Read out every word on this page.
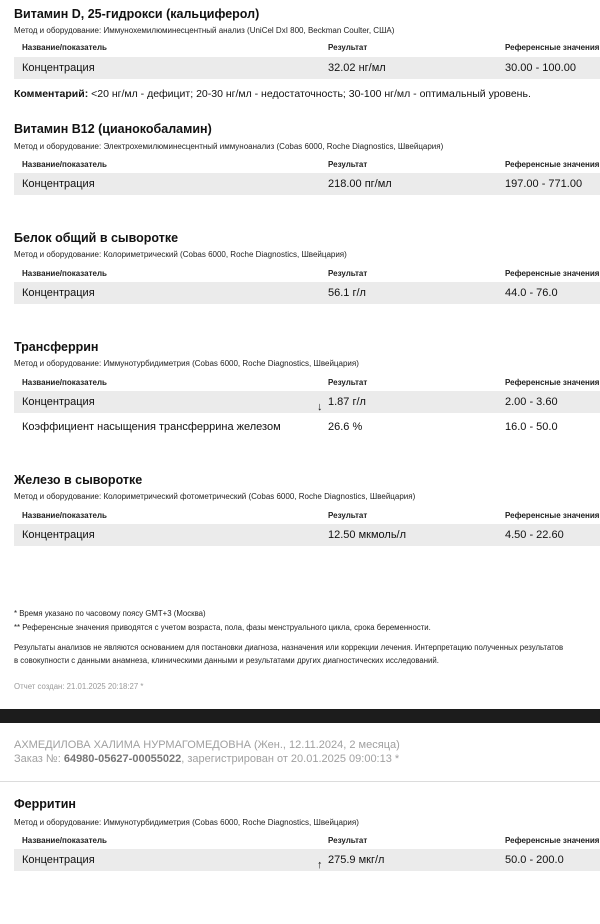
Витамин D, 25-гидрокси (кальциферол)
Метод и оборудование: Иммунохемилюминесцентный анализ (UniCel DxI 800, Beckman Coulter, США)
Название/показатель	Результат	Референсные значения
Концентрация	32.02 нг/мл	30.00 - 100.00
Комментарий: <20 нг/мл - дефицит; 20-30 нг/мл - недостаточность; 30-100 нг/мл - оптимальный уровень.
Витамин B12 (цианокобаламин)
Метод и оборудование: Электрохемилюминесцентный иммуноанализ (Cobas 6000, Roche Diagnostics, Швейцария)
Название/показатель	Результат	Референсные значения
Концентрация	218.00 пг/мл	197.00 - 771.00
Белок общий в сыворотке
Метод и оборудование: Колориметрический (Cobas 6000, Roche Diagnostics, Швейцария)
Название/показатель	Результат	Референсные значения
Концентрация	56.1 г/л	44.0 - 76.0
Трансферрин
Метод и оборудование: Иммунотурбидиметрия (Cobas 6000, Roche Diagnostics, Швейцария)
Название/показатель	Результат	Референсные значения
Концентрация	↓ 1.87 г/л	2.00 - 3.60
Коэффициент насыщения трансферрина железом	26.6 %	16.0 - 50.0
Железо в сыворотке
Метод и оборудование: Колориметрический фотометрический (Cobas 6000, Roche Diagnostics, Швейцария)
Название/показатель	Результат	Референсные значения
Концентрация	12.50 мкмоль/л	4.50 - 22.60
* Время указано по часовому поясу GMT+3 (Москва)
** Референсные значения приводятся с учетом возраста, пола, фазы менструального цикла, срока беременности.
Результаты анализов не являются основанием для постановки диагноза, назначения или коррекции лечения. Интерпретацию полученных результатов
в совокупности с данными анамнеза, клиническими данными и результатами других диагностических исследований.
Отчет создан: 21.01.2025 20:18:27 *
АХМЕДИЛОВА ХАЛИМА НУРМАГОМЕДОВНА (Жен., 12.11.2024, 2 месяца)
Заказ №: 64980-05627-00055022, зарегистрирован от 20.01.2025 09:00:13 *
Ферритин
Метод и оборудование: Иммунотурбидиметрия (Cobas 6000, Roche Diagnostics, Швейцария)
Название/показатель	Результат	Референсные значения
Концентрация	↑ 275.9 мкг/л	50.0 - 200.0
